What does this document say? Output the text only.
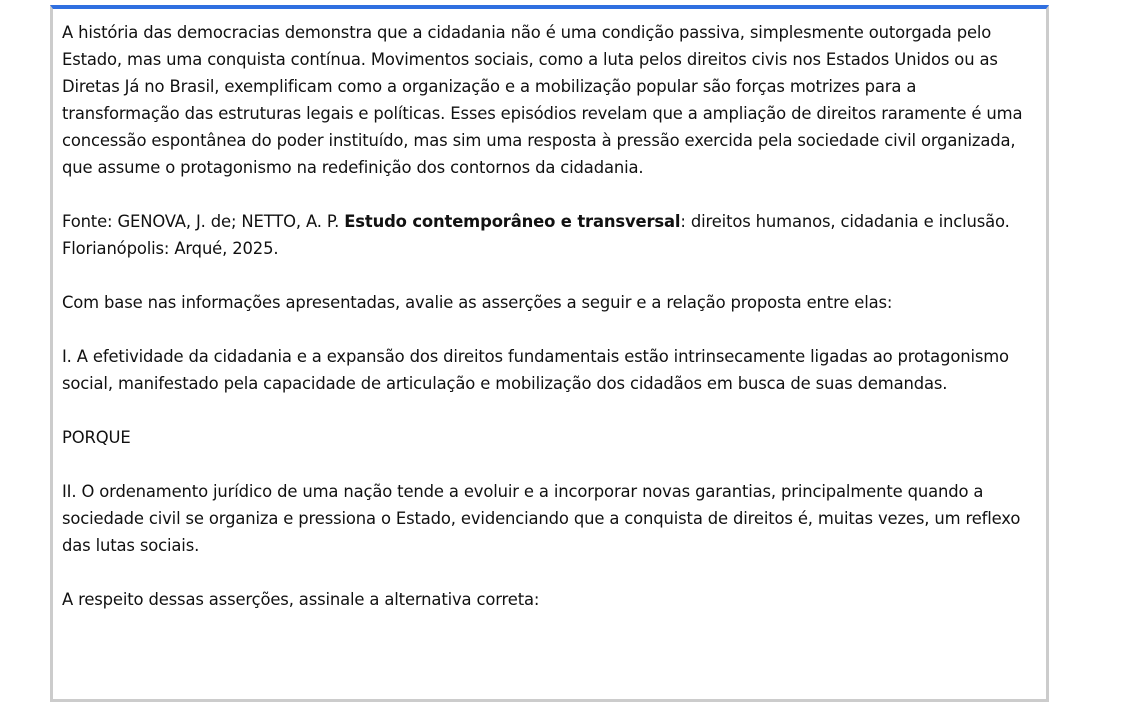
A história das democracias demonstra que a cidadania não é uma condição passiva, simplesmente outorgada pelo Estado, mas uma conquista contínua. Movimentos sociais, como a luta pelos direitos civis nos Estados Unidos ou as Diretas Já no Brasil, exemplificam como a organização e a mobilização popular são forças motrizes para a transformação das estruturas legais e políticas. Esses episódios revelam que a ampliação de direitos raramente é uma concessão espontânea do poder instituído, mas sim uma resposta à pressão exercida pela sociedade civil organizada, que assume o protagonismo na redefinição dos contornos da cidadania.

Fonte: GENOVA, J. de; NETTO, A. P. Estudo contemporâneo e transversal: direitos humanos, cidadania e inclusão. Florianópolis: Arqué, 2025.

Com base nas informações apresentadas, avalie as asserções a seguir e a relação proposta entre elas:

I. A efetividade da cidadania e a expansão dos direitos fundamentais estão intrinsecamente ligadas ao protagonismo social, manifestado pela capacidade de articulação e mobilização dos cidadãos em busca de suas demandas.

PORQUE

II. O ordenamento jurídico de uma nação tende a evoluir e a incorporar novas garantias, principalmente quando a sociedade civil se organiza e pressiona o Estado, evidenciando que a conquista de direitos é, muitas vezes, um reflexo das lutas sociais.

A respeito dessas asserções, assinale a alternativa correta:
